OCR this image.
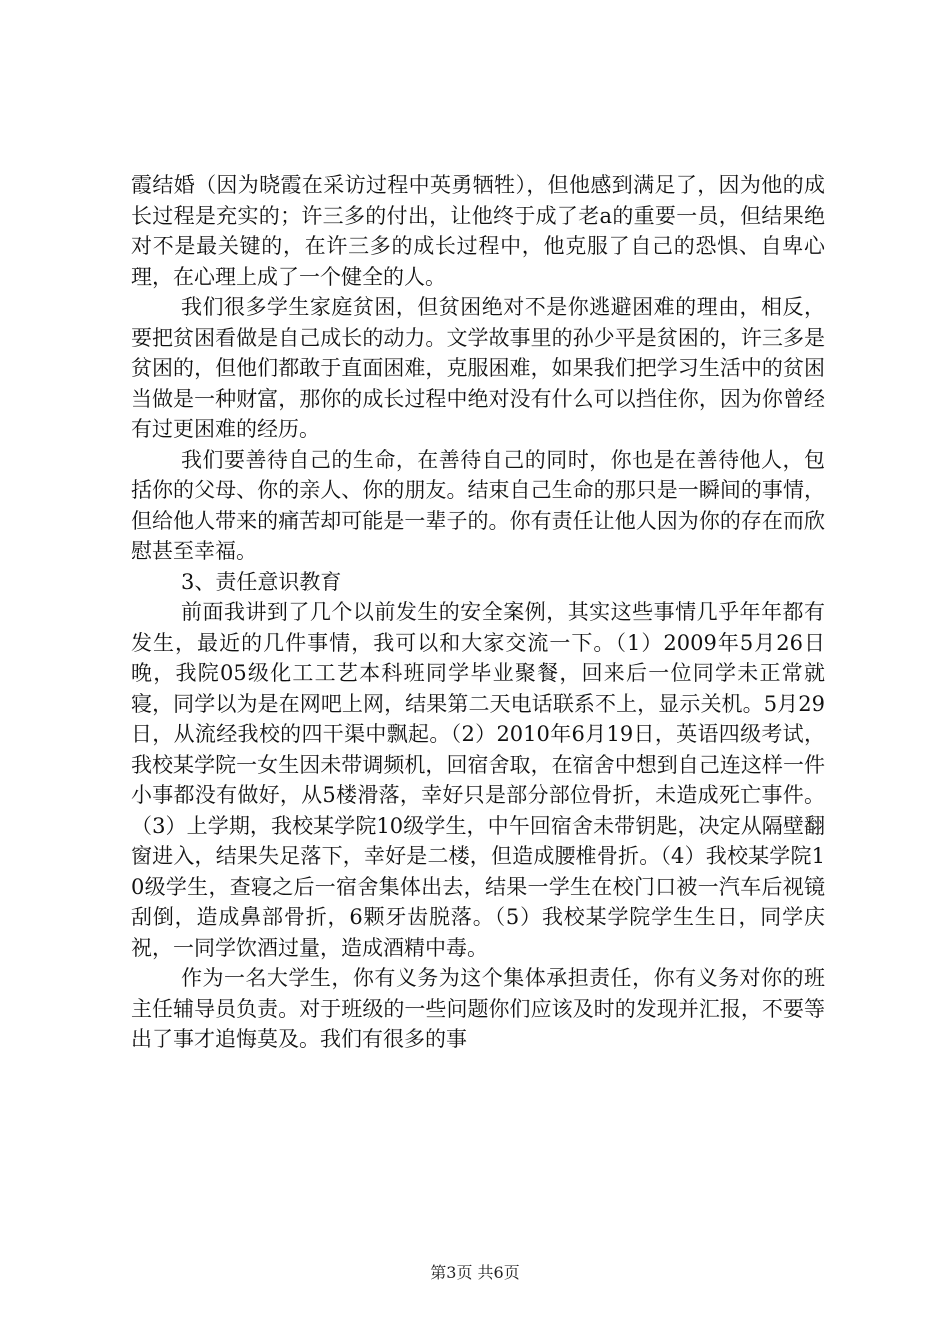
霞结婚（因为晓霞在采访过程中英勇牺牲），但他感到满足了，因为他的成长过程是充实的；许三多的付出，让他终于成了老a的重要一员，但结果绝对不是最关键的，在许三多的成长过程中，他克服了自己的恐惧、自卑心理，在心理上成了一个健全的人。

我们很多学生家庭贫困，但贫困绝对不是你逃避困难的理由，相反，要把贫困看做是自己成长的动力。文学故事里的孙少平是贫困的，许三多是贫困的，但他们都敢于直面困难，克服困难，如果我们把学习生活中的贫困当做是一种财富，那你的成长过程中绝对没有什么可以挡住你，因为你曾经有过更困难的经历。

我们要善待自己的生命，在善待自己的同时，你也是在善待他人，包括你的父母、你的亲人、你的朋友。结束自己生命的那只是一瞬间的事情，但给他人带来的痛苦却可能是一辈子的。你有责任让他人因为你的存在而欣慰甚至幸福。

3、责任意识教育

前面我讲到了几个以前发生的安全案例，其实这些事情几乎年年都有发生，最近的几件事情，我可以和大家交流一下。（1）2009年5月26日晚，我院05级化工工艺本科班同学毕业聚餐，回来后一位同学未正常就寝，同学以为是在网吧上网，结果第二天电话联系不上，显示关机。5月29日，从流经我校的四干渠中飘起。（2）2010年6月19日，英语四级考试，我校某学院一女生因未带调频机，回宿舍取，在宿舍中想到自己连这样一件小事都没有做好，从5楼滑落，幸好只是部分部位骨折，未造成死亡事件。（3）上学期，我校某学院10级学生，中午回宿舍未带钥匙，决定从隔壁翻窗进入，结果失足落下，幸好是二楼，但造成腰椎骨折。（4）我校某学院10级学生，查寝之后一宿舍集体出去，结果一学生在校门口被一汽车后视镜刮倒，造成鼻部骨折，6颗牙齿脱落。（5）我校某学院学生生日，同学庆祝，一同学饮酒过量，造成酒精中毒。

作为一名大学生，你有义务为这个集体承担责任，你有义务对你的班主任辅导员负责。对于班级的一些问题你们应该及时的发现并汇报，不要等出了事才追悔莫及。我们有很多的事

第3页 共6页
